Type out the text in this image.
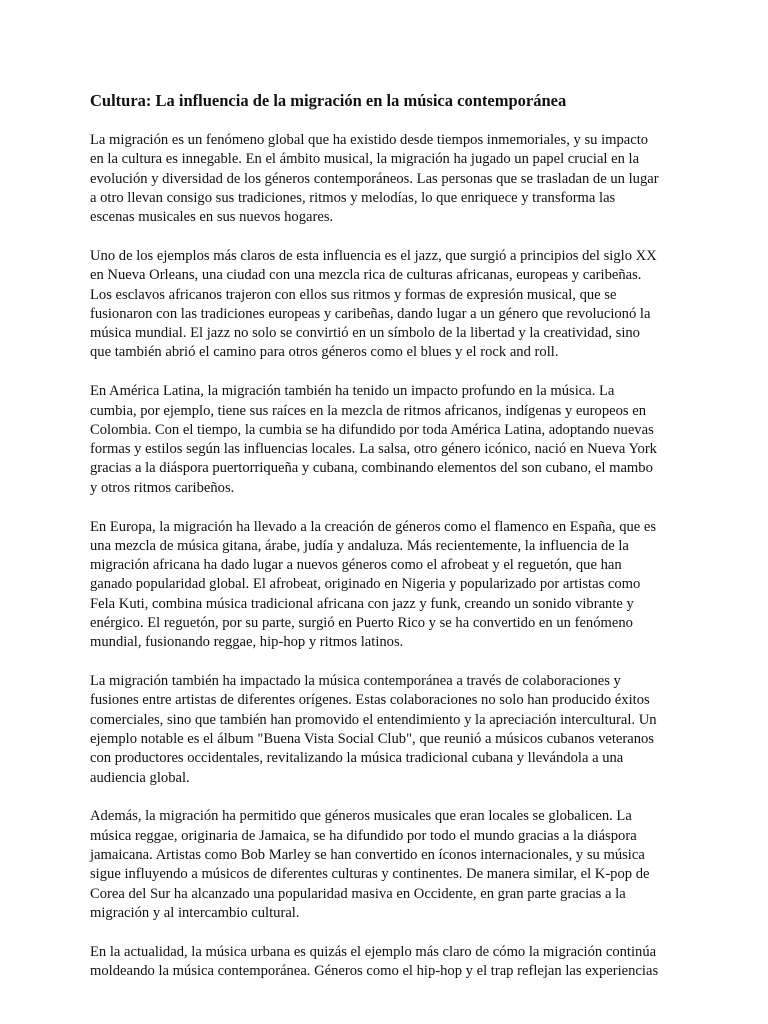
Cultura: La influencia de la migración en la música contemporánea

La migración es un fenómeno global que ha existido desde tiempos inmemoriales, y su impacto
en la cultura es innegable. En el ámbito musical, la migración ha jugado un papel crucial en la
evolución y diversidad de los géneros contemporáneos. Las personas que se trasladan de un lugar
a otro llevan consigo sus tradiciones, ritmos y melodías, lo que enriquece y transforma las
escenas musicales en sus nuevos hogares.

Uno de los ejemplos más claros de esta influencia es el jazz, que surgió a principios del siglo XX
en Nueva Orleans, una ciudad con una mezcla rica de culturas africanas, europeas y caribeñas.
Los esclavos africanos trajeron con ellos sus ritmos y formas de expresión musical, que se
fusionaron con las tradiciones europeas y caribeñas, dando lugar a un género que revolucionó la
música mundial. El jazz no solo se convirtió en un símbolo de la libertad y la creatividad, sino
que también abrió el camino para otros géneros como el blues y el rock and roll.

En América Latina, la migración también ha tenido un impacto profundo en la música. La
cumbia, por ejemplo, tiene sus raíces en la mezcla de ritmos africanos, indígenas y europeos en
Colombia. Con el tiempo, la cumbia se ha difundido por toda América Latina, adoptando nuevas
formas y estilos según las influencias locales. La salsa, otro género icónico, nació en Nueva York
gracias a la diáspora puertorriqueña y cubana, combinando elementos del son cubano, el mambo
y otros ritmos caribeños.

En Europa, la migración ha llevado a la creación de géneros como el flamenco en España, que es
una mezcla de música gitana, árabe, judía y andaluza. Más recientemente, la influencia de la
migración africana ha dado lugar a nuevos géneros como el afrobeat y el reguetón, que han
ganado popularidad global. El afrobeat, originado en Nigeria y popularizado por artistas como
Fela Kuti, combina música tradicional africana con jazz y funk, creando un sonido vibrante y
enérgico. El reguetón, por su parte, surgió en Puerto Rico y se ha convertido en un fenómeno
mundial, fusionando reggae, hip-hop y ritmos latinos.

La migración también ha impactado la música contemporánea a través de colaboraciones y
fusiones entre artistas de diferentes orígenes. Estas colaboraciones no solo han producido éxitos
comerciales, sino que también han promovido el entendimiento y la apreciación intercultural. Un
ejemplo notable es el álbum "Buena Vista Social Club", que reunió a músicos cubanos veteranos
con productores occidentales, revitalizando la música tradicional cubana y llevándola a una
audiencia global.

Además, la migración ha permitido que géneros musicales que eran locales se globalicen. La
música reggae, originaria de Jamaica, se ha difundido por todo el mundo gracias a la diáspora
jamaicana. Artistas como Bob Marley se han convertido en íconos internacionales, y su música
sigue influyendo a músicos de diferentes culturas y continentes. De manera similar, el K-pop de
Corea del Sur ha alcanzado una popularidad masiva en Occidente, en gran parte gracias a la
migración y al intercambio cultural.

En la actualidad, la música urbana es quizás el ejemplo más claro de cómo la migración continúa
moldeando la música contemporánea. Géneros como el hip-hop y el trap reflejan las experiencias
